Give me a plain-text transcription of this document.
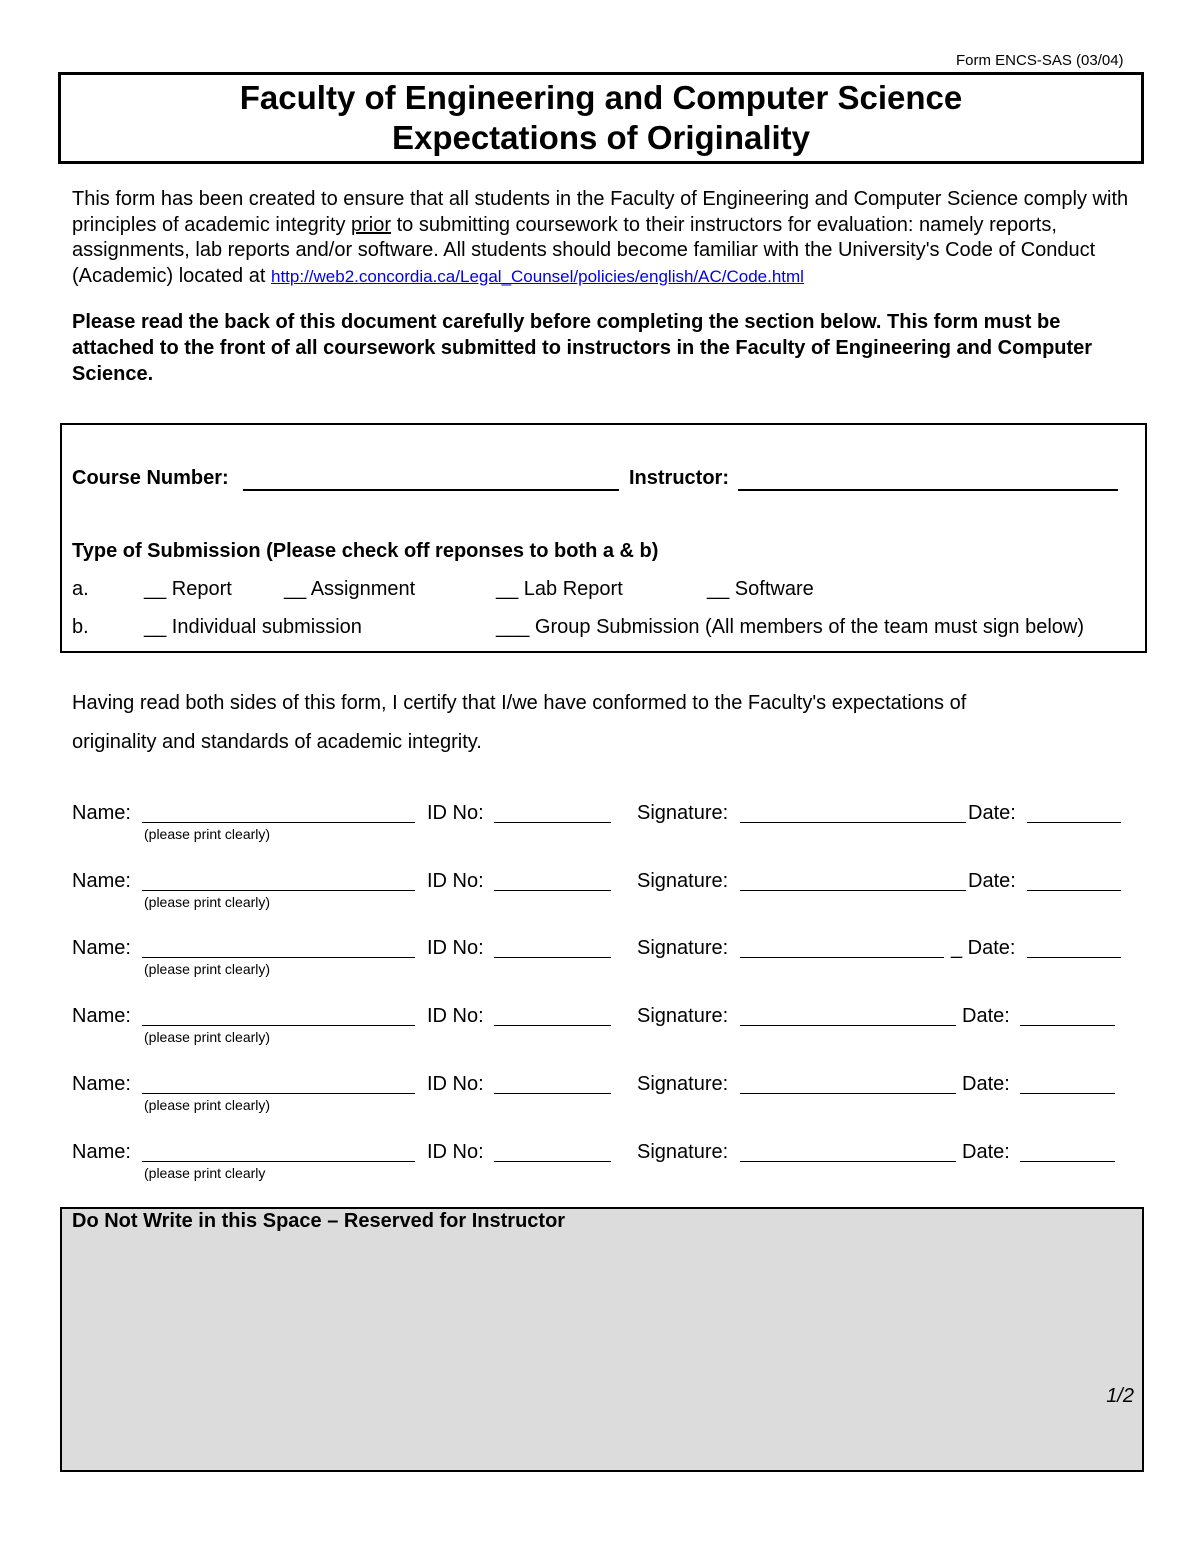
Form ENCS-SAS (03/04)
Faculty of Engineering and Computer Science
Expectations of Originality
This form has been created to ensure that all students in the Faculty of Engineering and Computer Science comply with principles of academic integrity prior to submitting coursework to their instructors for evaluation: namely reports, assignments, lab reports and/or software. All students should become familiar with the University's Code of Conduct (Academic) located at http://web2.concordia.ca/Legal_Counsel/policies/english/AC/Code.html
Please read the back of this document carefully before completing the section below. This form must be attached to the front of all coursework submitted to instructors in the Faculty of Engineering and Computer Science.
Course Number:	Instructor:
Type of Submission (Please check off reponses to both a & b)
a.	__ Report	__ Assignment	__ Lab Report	__ Software
b.	__ Individual submission	___ Group Submission (All members of the team must sign below)
Having read both sides of this form, I certify that I/we have conformed to the Faculty's expectations of
originality and standards of academic integrity.
Name:
(please print clearly)
ID No:	Signature:	Date:
Name:
(please print clearly)
ID No:	Signature:	Date:
Name:
(please print clearly)
ID No:	Signature:	_ Date:
Name:
(please print clearly)
ID No:	Signature:	Date:
Name:
(please print clearly)
ID No:	Signature:	Date:
Name:
(please print clearly
ID No:	Signature:	Date:
Do Not Write in this Space – Reserved for Instructor
1/2
